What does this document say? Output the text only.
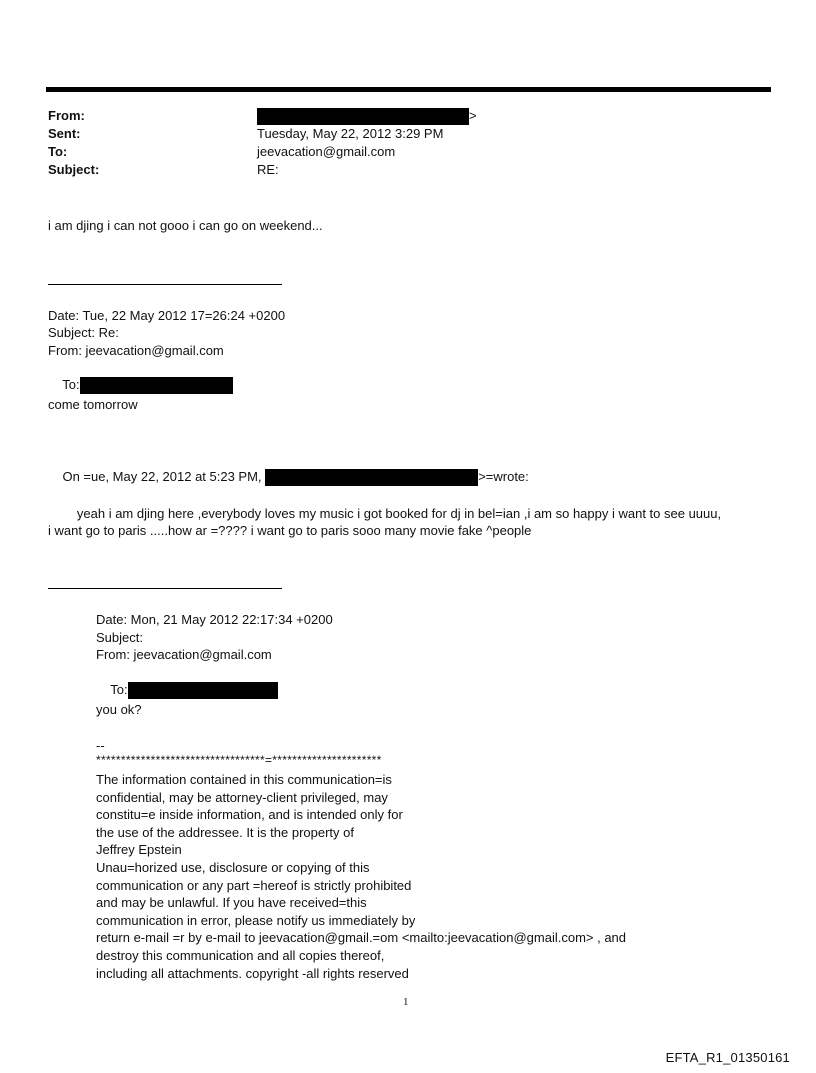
From:	>
Sent:	Tuesday, May 22, 2012 3:29 PM
To:	jeevacation@gmail.com
Subject:	RE:
i am djing i can not gooo i can go on weekend...
Date: Tue, 22 May 2012 17=26:24 +0200
Subject: Re:
From: jeevacation@gmail.com

To:

come tomorrow

On =ue, May 22, 2012 at 5:23 PM,	>=wrote:

yeah i am djing here ,everybody loves my music i got booked for dj in bel=ian ,i am so happy i want to see uuuu,
i want go to paris .....how ar =???? i want go to paris sooo many movie fake ^people
Date: Mon, 21 May 2012 22:17:34 +0200
Subject:
From: jeevacation@gmail.com

To:

you ok?
--
**********************************=**********************
The information contained in this communication=is
confidential, may be attorney-client privileged, may
constitu=e inside information, and is intended only for
the use of the addressee. It is the property of
Jeffrey Epstein
Unau=horized use, disclosure or copying of this
communication or any part =hereof is strictly prohibited
and may be unlawful. If you have received=this
communication in error, please notify us immediately by
return e-mail =r by e-mail to jeevacation@gmail.=om <mailto:jeevacation@gmail.com> , and
destroy this communication and all copies thereof,
including all attachments. copyright -all rights reserved
1
EFTA_R1_01350161
